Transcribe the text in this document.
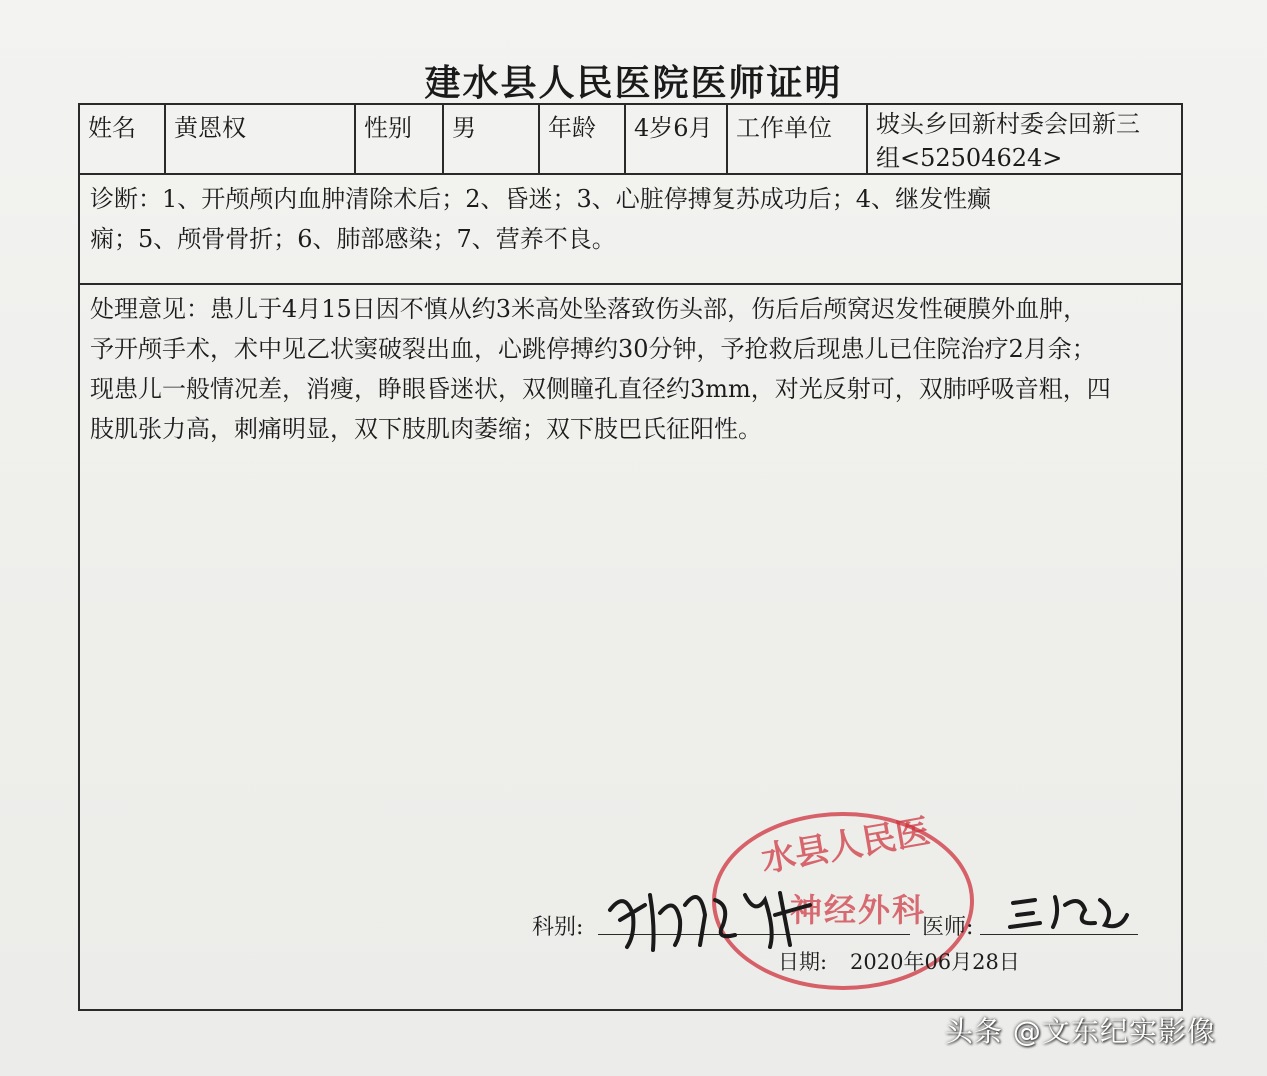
建水县人民医院医师证明
姓名	黄恩权	性别	男	年龄	4岁6月 工作单位	坡头乡回新村委会回新三
组<52504624>
诊断：1、开颅颅内血肿清除术后；2、昏迷；3、心脏停搏复苏成功后；4、继发性癫
痫；5、颅骨骨折；6、肺部感染；7、营养不良。
处理意见：患儿于4月15日因不慎从约3米高处坠落致伤头部，伤后后颅窝迟发性硬膜外血肿，
予开颅手术，术中见乙状窦破裂出血，心跳停搏约30分钟，予抢救后现患儿已住院治疗2月余；
现患儿一般情况差，消瘦，睁眼昏迷状，双侧瞳孔直径约3mm，对光反射可，双肺呼吸音粗，四
肢肌张力高，刺痛明显，双下肢肌肉萎缩；双下肢巴氏征阳性。
水县人民医
神经外科
科别:	医师:
日期: 2020年06月28日
头条 @文东纪实影像
